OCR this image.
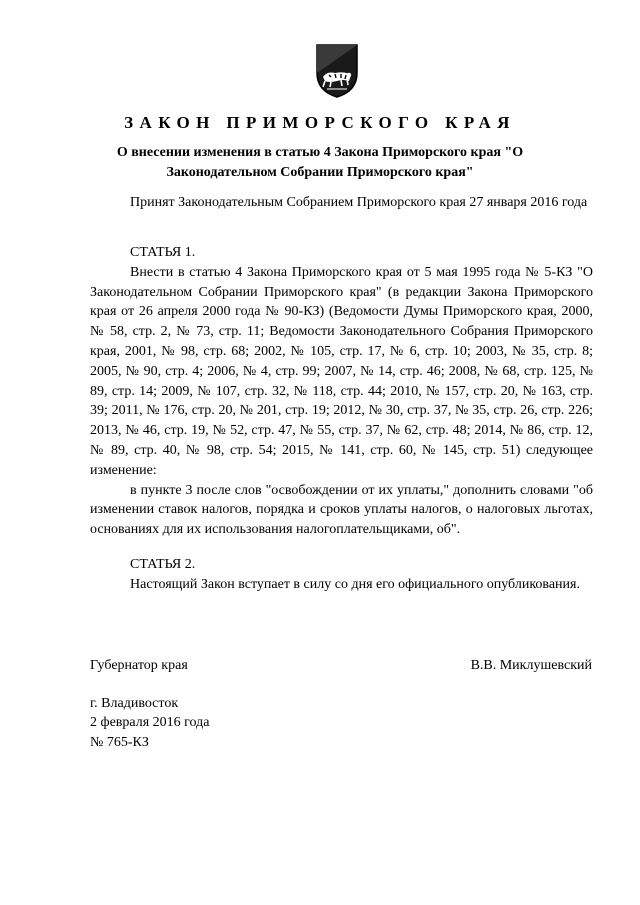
ЗАКОН ПРИМОРСКОГО КРАЯ
О внесении изменения в статью 4 Закона Приморского края "О
Законодательном Собрании Приморского края"
Принят Законодательным Собранием Приморского края 27 января 2016 года

СТАТЬЯ 1.

Внести в статью 4 Закона Приморского края от 5 мая 1995 года № 5-КЗ "О Законодательном Собрании Приморского края" (в редакции Закона Приморского края от 26 апреля 2000 года № 90-КЗ) (Ведомости Думы Приморского края, 2000, № 58, стр. 2, № 73, стр. 11; Ведомости Законодательного Собрания Приморского края, 2001, № 98, стр. 68; 2002, № 105, стр. 17, № 6, стр. 10; 2003, № 35, стр. 8; 2005, № 90, стр. 4; 2006, № 4, стр. 99; 2007, № 14, стр. 46; 2008, № 68, стр. 125, № 89, стр. 14; 2009, № 107, стр. 32, № 118, стр. 44; 2010, № 157, стр. 20, № 163, стр. 39; 2011, № 176, стр. 20, № 201, стр. 19; 2012, № 30, стр. 37, № 35, стр. 26, стр. 226; 2013, № 46, стр. 19, № 52, стр. 47, № 55, стр. 37, № 62, стр. 48; 2014, № 86, стр. 12, № 89, стр. 40, № 98, стр. 54; 2015, № 141, стр. 60, № 145, стр. 51) следующее изменение:

в пункте 3 после слов "освобождении от их уплаты," дополнить словами "об изменении ставок налогов, порядка и сроков уплаты налогов, о налоговых льготах, основаниях для их использования налогоплательщиками, об".

СТАТЬЯ 2.

Настоящий Закон вступает в силу со дня его официального опубликования.

Губернатор края	В.В. Миклушевский
г. Владивосток
2 февраля 2016 года
№ 765-КЗ
